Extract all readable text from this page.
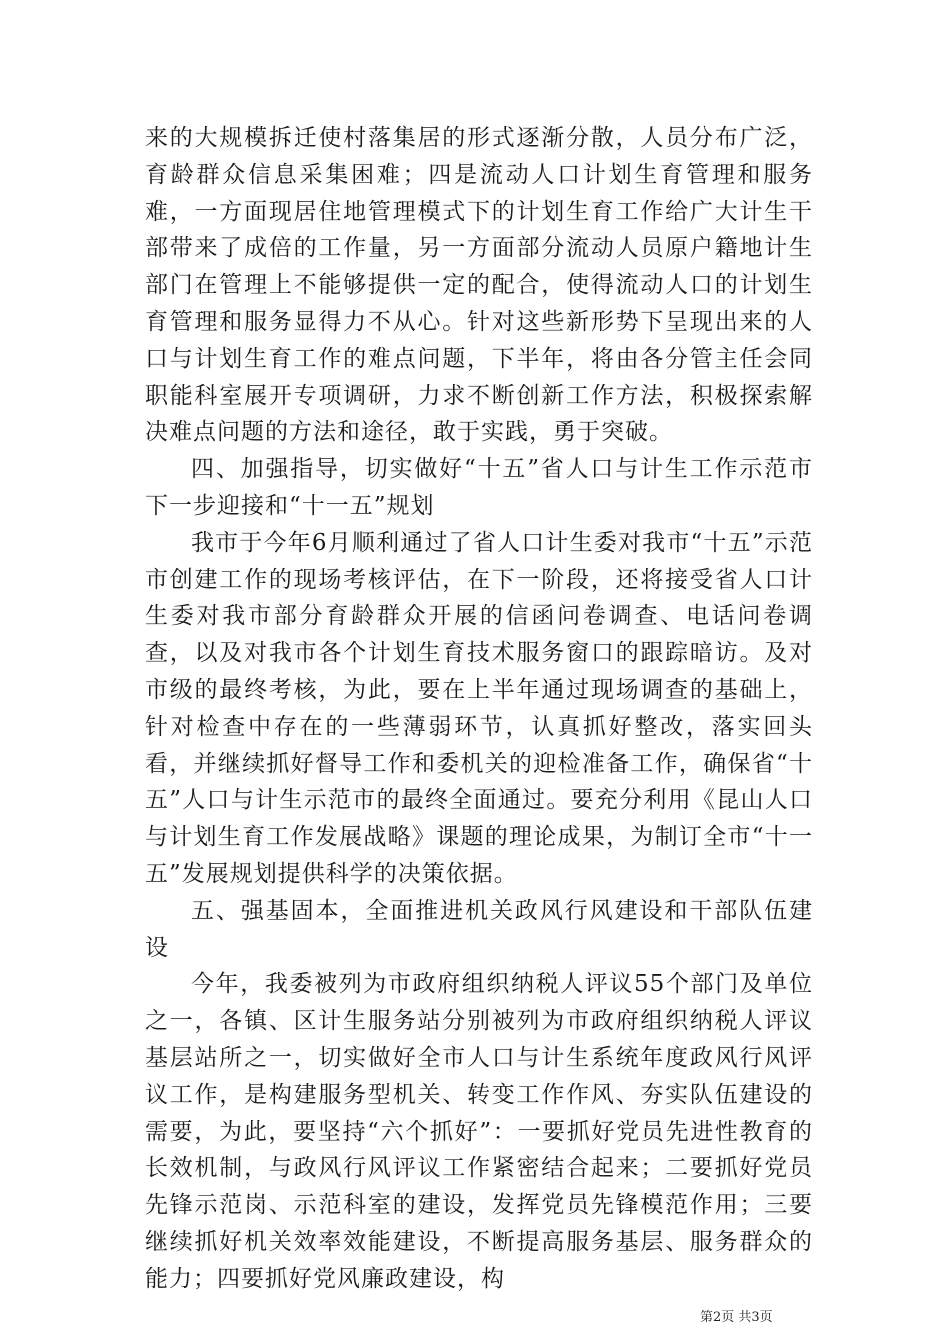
来的大规模拆迁使村落集居的形式逐渐分散，人员分布广泛，育龄群众信息采集困难；四是流动人口计划生育管理和服务难，一方面现居住地管理模式下的计划生育工作给广大计生干部带来了成倍的工作量，另一方面部分流动人员原户籍地计生部门在管理上不能够提供一定的配合，使得流动人口的计划生育管理和服务显得力不从心。针对这些新形势下呈现出来的人口与计划生育工作的难点问题，下半年，将由各分管主任会同职能科室展开专项调研，力求不断创新工作方法，积极探索解决难点问题的方法和途径，敢于实践，勇于突破。

四、加强指导，切实做好“十五”省人口与计生工作示范市下一步迎接和“十一五”规划

我市于今年6月顺利通过了省人口计生委对我市“十五”示范市创建工作的现场考核评估，在下一阶段，还将接受省人口计生委对我市部分育龄群众开展的信函问卷调查、电话问卷调查，以及对我市各个计划生育技术服务窗口的跟踪暗访。及对市级的最终考核，为此，要在上半年通过现场调查的基础上，针对检查中存在的一些薄弱环节，认真抓好整改，落实回头看，并继续抓好督导工作和委机关的迎检准备工作，确保省“十五”人口与计生示范市的最终全面通过。要充分利用《昆山人口与计划生育工作发展战略》课题的理论成果，为制订全市“十一五”发展规划提供科学的决策依据。

五、强基固本，全面推进机关政风行风建设和干部队伍建设

今年，我委被列为市政府组织纳税人评议55个部门及单位之一，各镇、区计生服务站分别被列为市政府组织纳税人评议基层站所之一，切实做好全市人口与计生系统年度政风行风评议工作，是构建服务型机关、转变工作作风、夯实队伍建设的需要，为此，要坚持“六个抓好”：一要抓好党员先进性教育的长效机制，与政风行风评议工作紧密结合起来；二要抓好党员先锋示范岗、示范科室的建设，发挥党员先锋模范作用；三要继续抓好机关效率效能建设，不断提高服务基层、服务群众的能力；四要抓好党风廉政建设，构

第2页 共3页
